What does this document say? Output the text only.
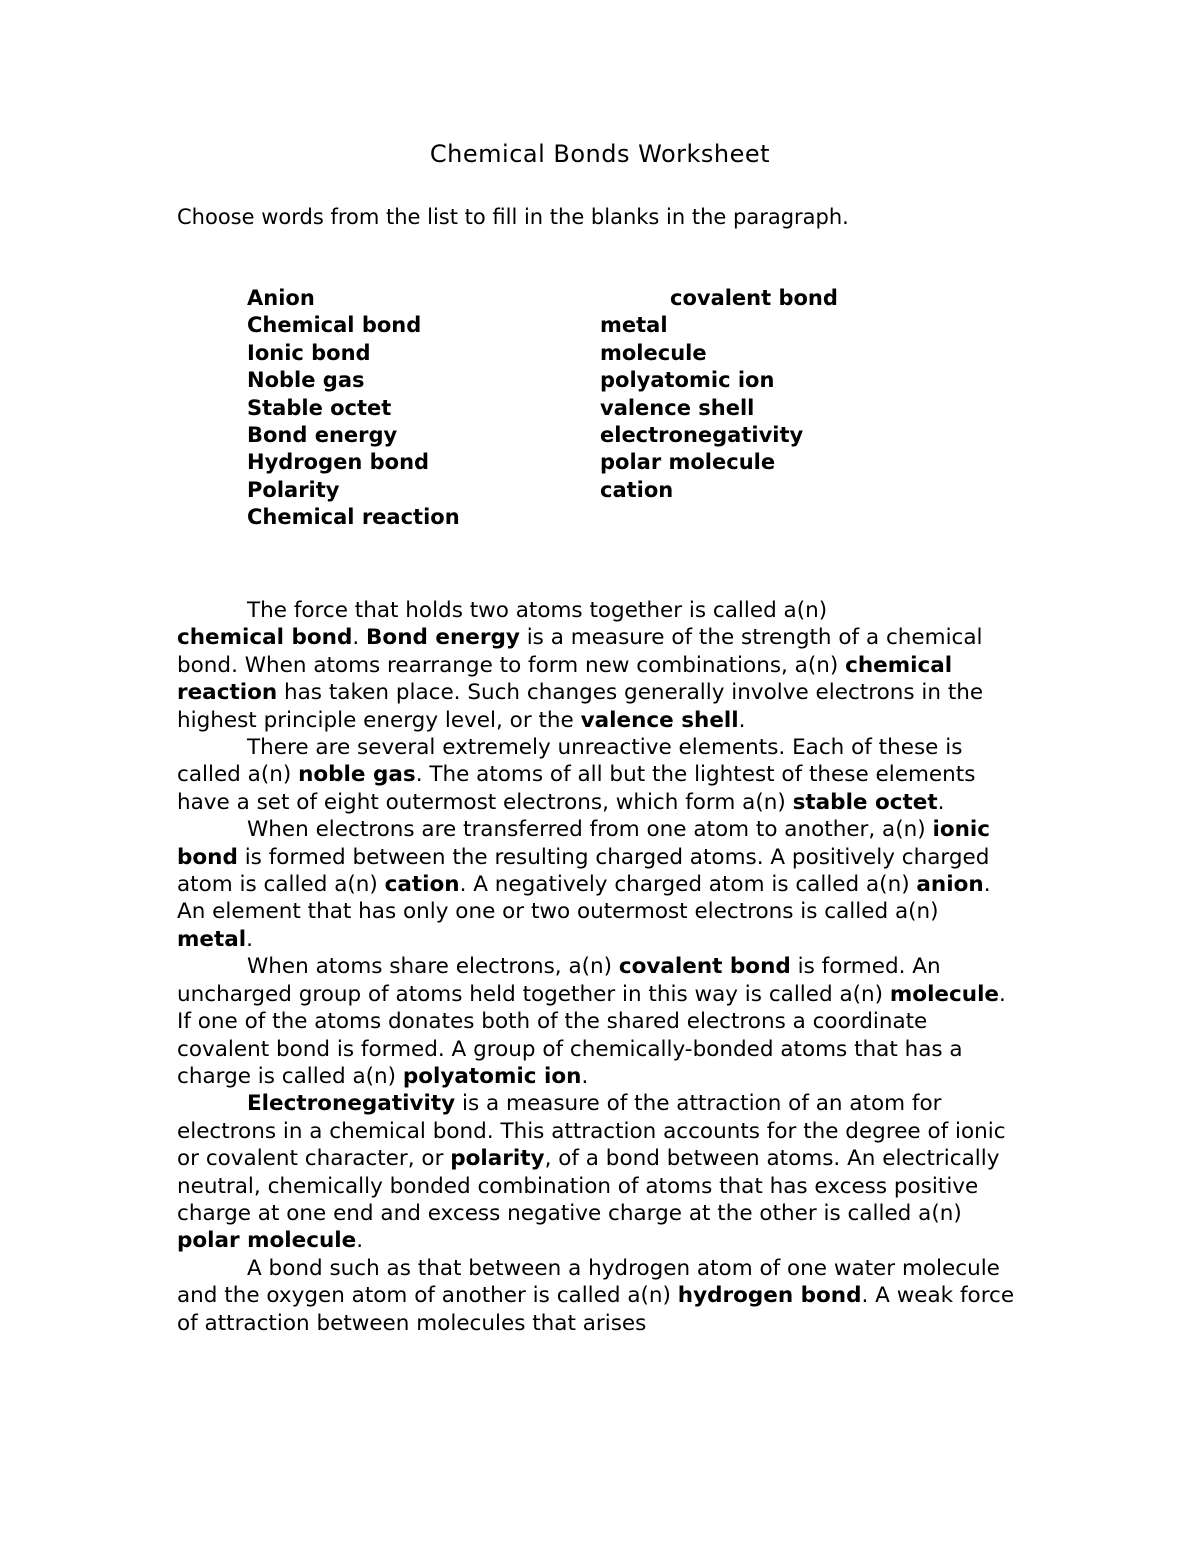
Chemical Bonds Worksheet

Choose words from the list to fill in the blanks in the paragraph.

Anion
Chemical bond
Ionic bond
Noble gas
Stable octet
Bond energy
Hydrogen bond
Polarity
Chemical reaction
covalent bond
metal
molecule
polyatomic ion
valence shell
electronegativity
polar molecule
cation

The force that holds two atoms together is called a(n)
chemical bond. Bond energy is a measure of the strength of a chemical bond. When atoms rearrange to form new combinations, a(n) chemical reaction has taken place. Such changes generally involve electrons in the highest principle energy level, or the valence shell.

There are several extremely unreactive elements. Each of these is called a(n) noble gas. The atoms of all but the lightest of these elements have a set of eight outermost electrons, which form a(n) stable octet.

When electrons are transferred from one atom to another, a(n) ionic bond is formed between the resulting charged atoms. A positively charged atom is called a(n) cation. A negatively charged atom is called a(n) anion. An element that has only one or two outermost electrons is called a(n) metal.

When atoms share electrons, a(n) covalent bond is formed. An uncharged group of atoms held together in this way is called a(n) molecule. If one of the atoms donates both of the shared electrons a coordinate covalent bond is formed. A group of chemically-bonded atoms that has a charge is called a(n) polyatomic ion.

Electronegativity is a measure of the attraction of an atom for electrons in a chemical bond. This attraction accounts for the degree of ionic or covalent character, or polarity, of a bond between atoms. An electrically neutral, chemically bonded combination of atoms that has excess positive charge at one end and excess negative charge at the other is called a(n)
polar molecule.

A bond such as that between a hydrogen atom of one water molecule and the oxygen atom of another is called a(n) hydrogen bond. A weak force of attraction between molecules that arises
